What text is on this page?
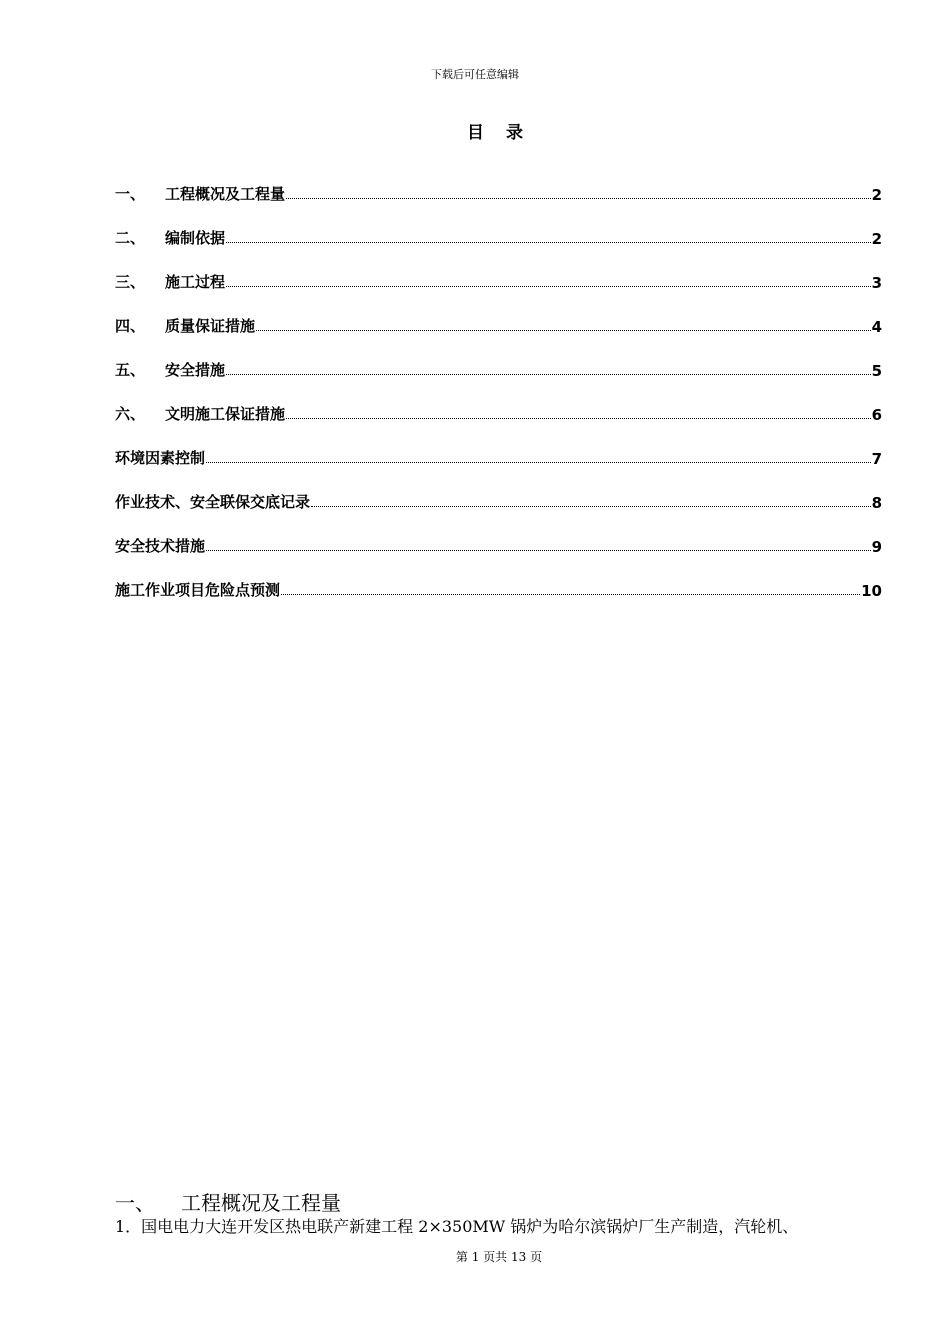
下载后可任意编辑
目 录
一、	工程概况及工程量	2
二、	编制依据	2
三、	施工过程	3
四、	质量保证措施	4
五、	安全措施	5
六、	文明施工保证措施	6
环境因素控制	7
作业技术、安全联保交底记录	8
安全技术措施	9
施工作业项目危险点预测	10
一、	工程概况及工程量
1．国电电力大连开发区热电联产新建工程 2×350MW 锅炉为哈尔滨锅炉厂生产制造，汽轮机、
第 1 页共 13 页
